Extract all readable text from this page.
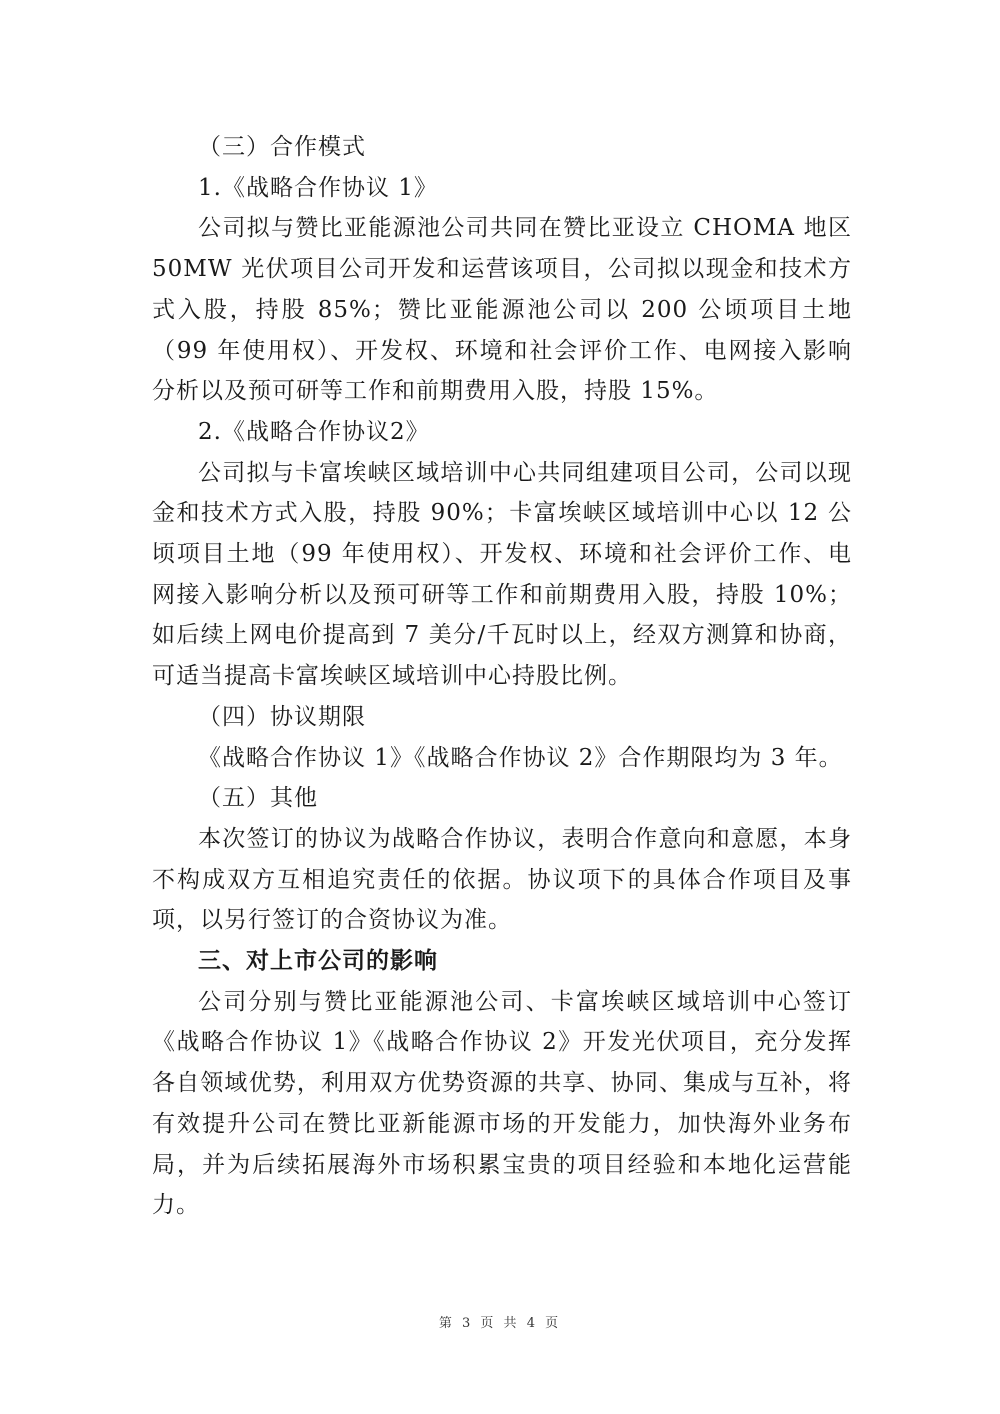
（三）合作模式

1.《战略合作协议 1》

公司拟与赞比亚能源池公司共同在赞比亚设立 CHOMA 地区 50MW 光伏项目公司开发和运营该项目，公司拟以现金和技术方式入股，持股 85%；赞比亚能源池公司以 200 公顷项目土地（99 年使用权）、开发权、环境和社会评价工作、电网接入影响分析以及预可研等工作和前期费用入股，持股 15%。

2.《战略合作协议2》

公司拟与卡富埃峡区域培训中心共同组建项目公司，公司以现金和技术方式入股，持股 90%；卡富埃峡区域培训中心以 12 公顷项目土地（99 年使用权）、开发权、环境和社会评价工作、电网接入影响分析以及预可研等工作和前期费用入股，持股 10%；如后续上网电价提高到 7 美分/千瓦时以上，经双方测算和协商，可适当提高卡富埃峡区域培训中心持股比例。

（四）协议期限

《战略合作协议 1》《战略合作协议 2》合作期限均为 3 年。

（五）其他

本次签订的协议为战略合作协议，表明合作意向和意愿，本身不构成双方互相追究责任的依据。协议项下的具体合作项目及事项，以另行签订的合资协议为准。

三、对上市公司的影响

公司分别与赞比亚能源池公司、卡富埃峡区域培训中心签订《战略合作协议 1》《战略合作协议 2》开发光伏项目，充分发挥各自领域优势，利用双方优势资源的共享、协同、集成与互补，将有效提升公司在赞比亚新能源市场的开发能力，加快海外业务布局，并为后续拓展海外市场积累宝贵的项目经验和本地化运营能力。

第 3 页 共 4 页
